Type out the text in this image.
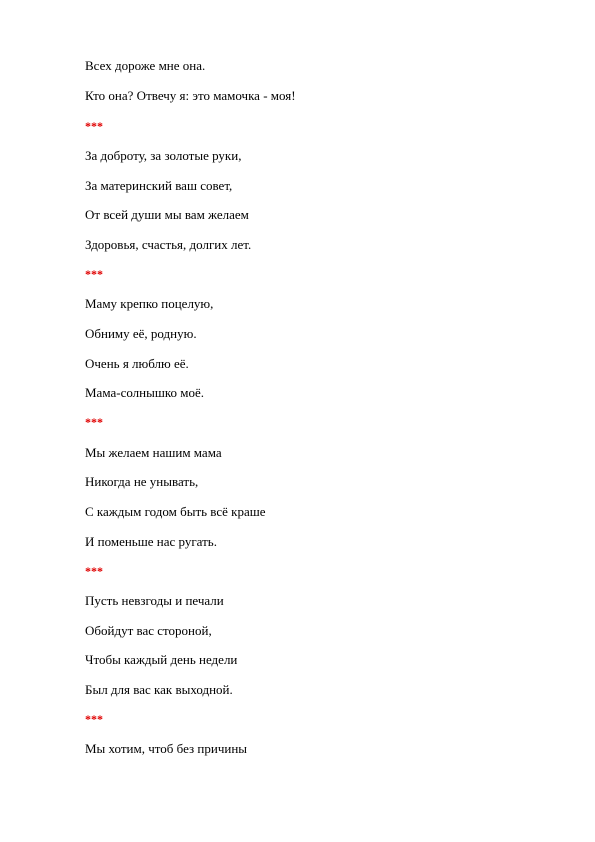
Всех дороже мне она.
Кто она? Отвечу я: это мамочка - моя!
***
За доброту, за золотые руки,
За материнский ваш совет,
От всей души мы вам желаем
Здоровья, счастья, долгих лет.
***
Маму крепко поцелую,
Обниму её, родную.
Очень я люблю её.
Мама-солнышко моё.
***
Мы желаем нашим мама
Никогда не унывать,
С каждым годом быть всё краше
И поменьше нас ругать.
***
Пусть невзгоды и печали
Обойдут вас стороной,
Чтобы каждый день недели
Был для вас как выходной.
***
Мы хотим, чтоб без причины
